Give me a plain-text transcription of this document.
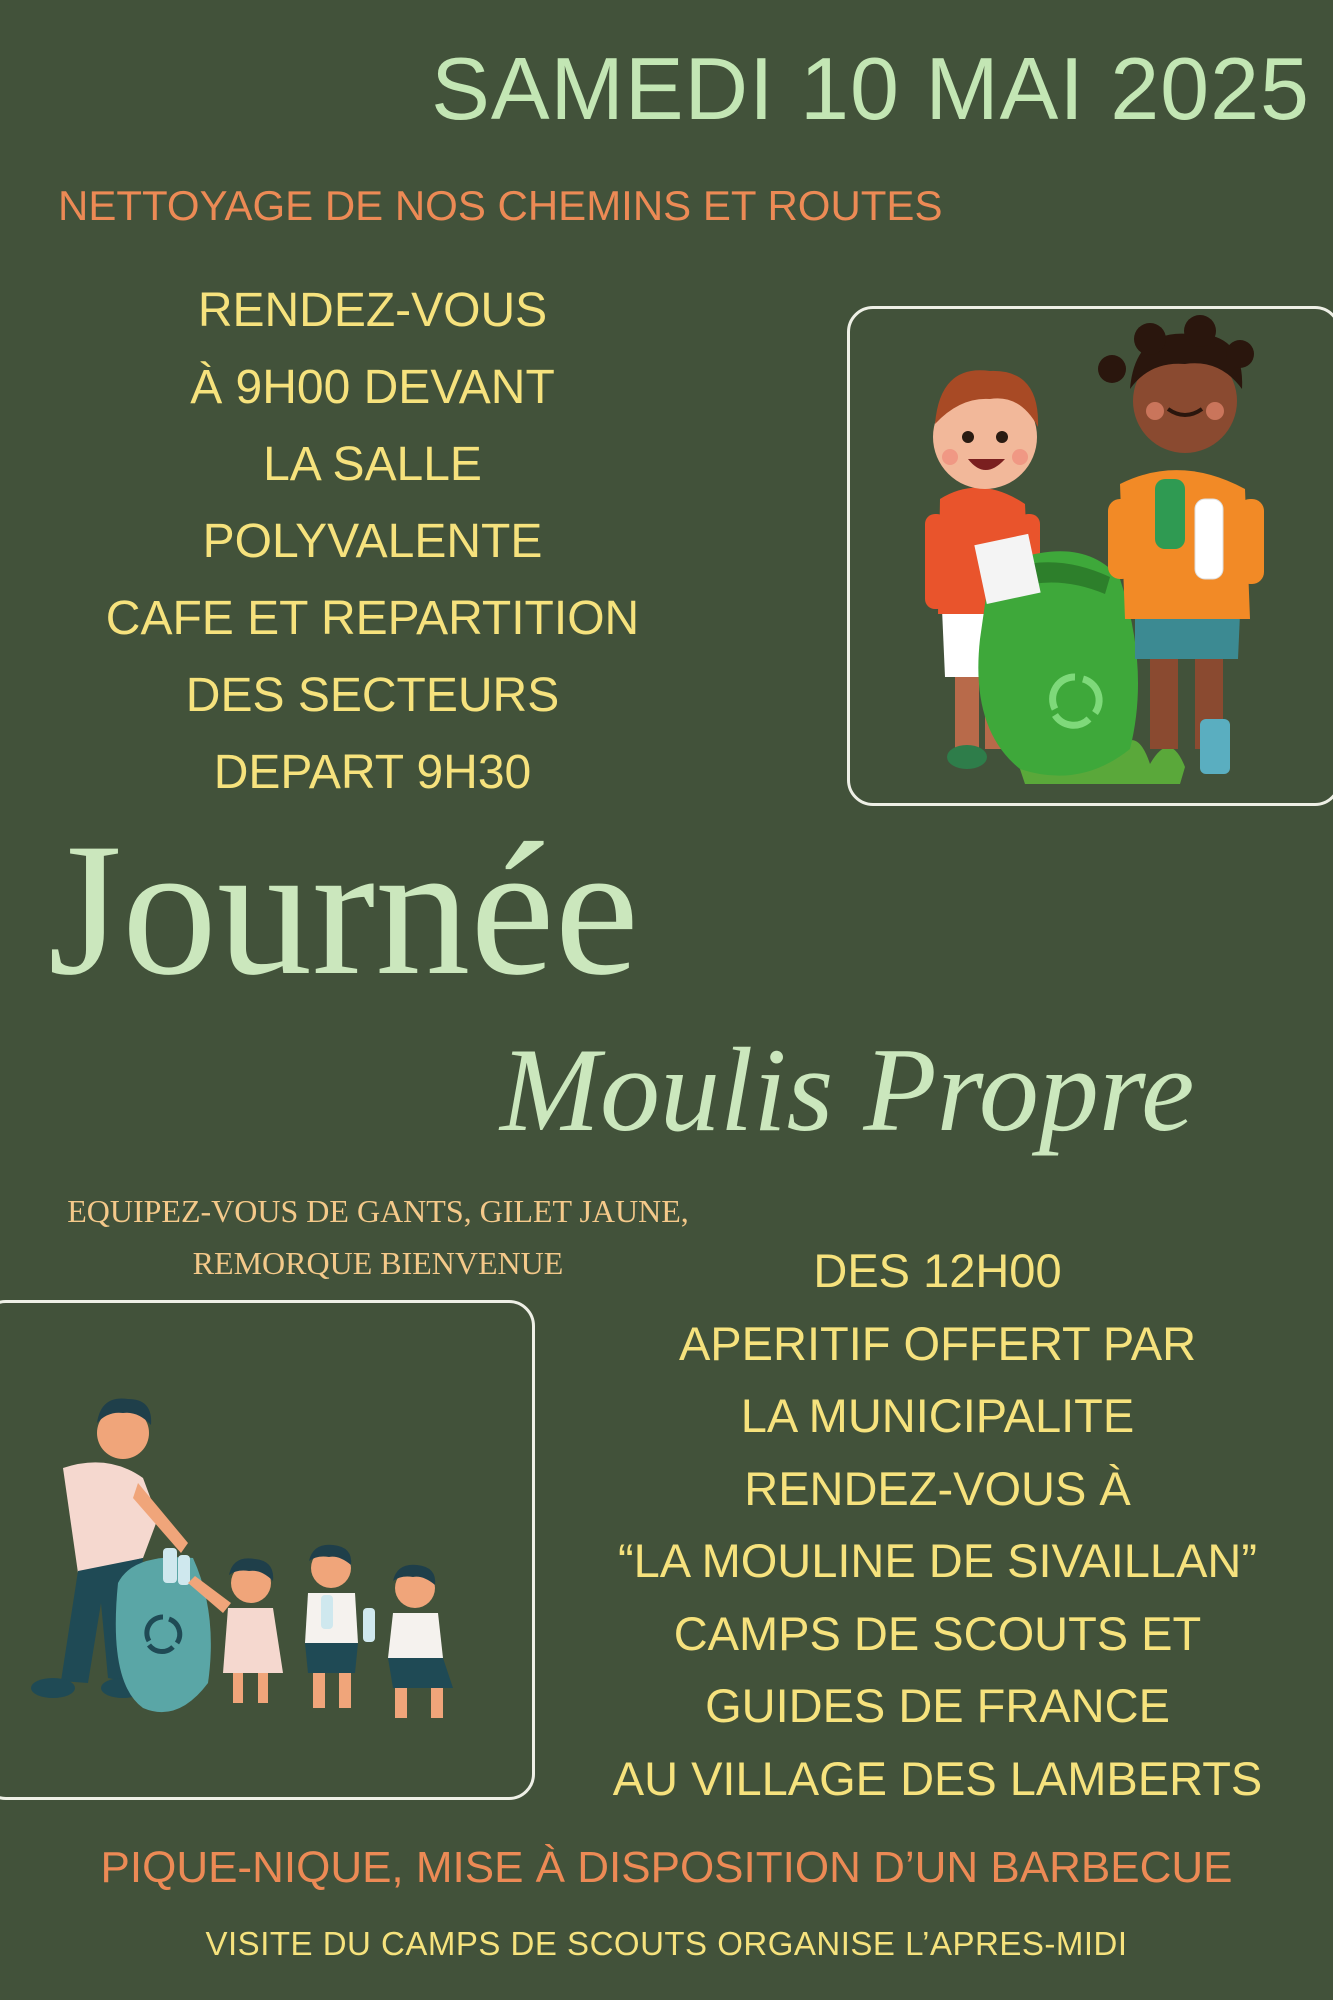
SAMEDI 10 MAI 2025
NETTOYAGE DE NOS CHEMINS ET ROUTES
RENDEZ-VOUS
À 9H00 DEVANT
LA SALLE
POLYVALENTE
CAFE ET REPARTITION
DES SECTEURS
DEPART 9H30
Journée
Moulis Propre
EQUIPEZ-VOUS DE GANTS, GILET JAUNE,
REMORQUE BIENVENUE	DES 12H00
APERITIF OFFERT PAR
LA MUNICIPALITE
RENDEZ-VOUS À
“LA MOULINE DE SIVAILLAN”
CAMPS DE SCOUTS ET
GUIDES DE FRANCE
AU VILLAGE DES LAMBERTS
PIQUE-NIQUE, MISE À DISPOSITION D’UN BARBECUE
VISITE DU CAMPS DE SCOUTS ORGANISE L’APRES-MIDI
